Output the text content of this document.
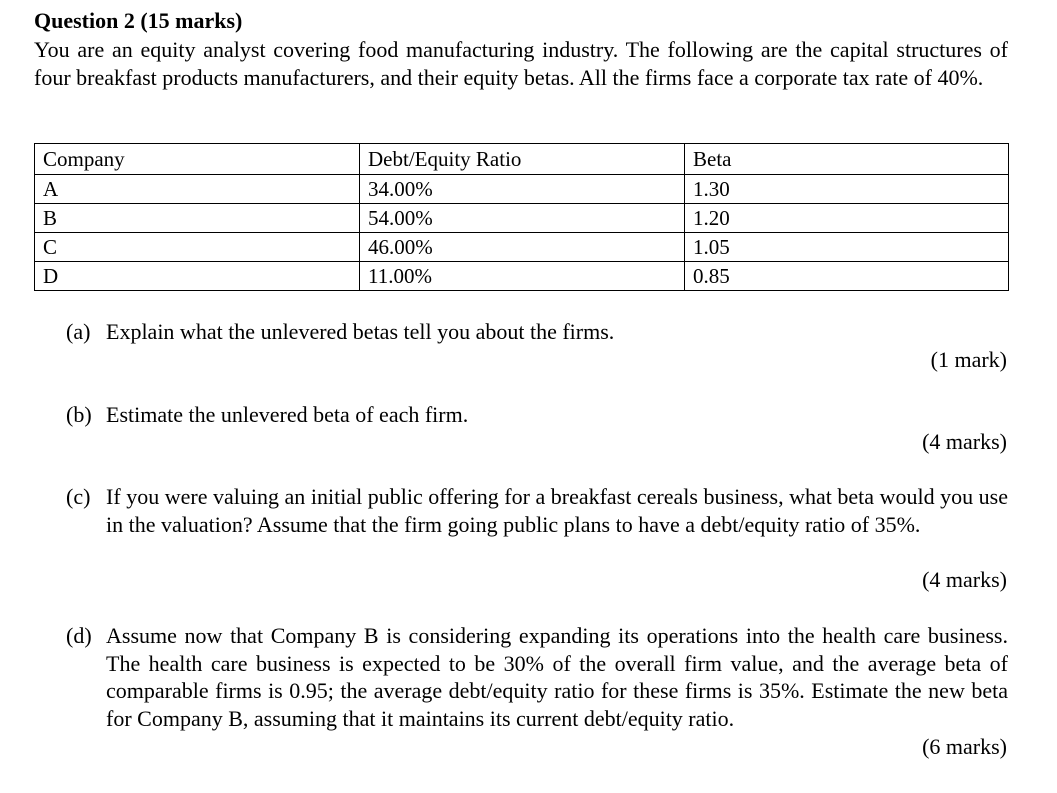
Question 2 (15 marks)
You are an equity analyst covering food manufacturing industry. The following are the capital structures of four breakfast products manufacturers, and their equity betas. All the firms face a corporate tax rate of 40%.
Company	Debt/Equity Ratio	Beta
A	34.00%	1.30
B	54.00%	1.20
C	46.00%	1.05
D	11.00%	0.85
(a) Explain what the unlevered betas tell you about the firms.
(1 mark)
(b) Estimate the unlevered beta of each firm.
(4 marks)
(c) If you were valuing an initial public offering for a breakfast cereals business, what beta would you use in the valuation? Assume that the firm going public plans to have a debt/equity ratio of 35%.
(4 marks)
(d) Assume now that Company B is considering expanding its operations into the health care business. The health care business is expected to be 30% of the overall firm value, and the average beta of comparable firms is 0.95; the average debt/equity ratio for these firms is 35%. Estimate the new beta for Company B, assuming that it maintains its current debt/equity ratio.
(6 marks)
